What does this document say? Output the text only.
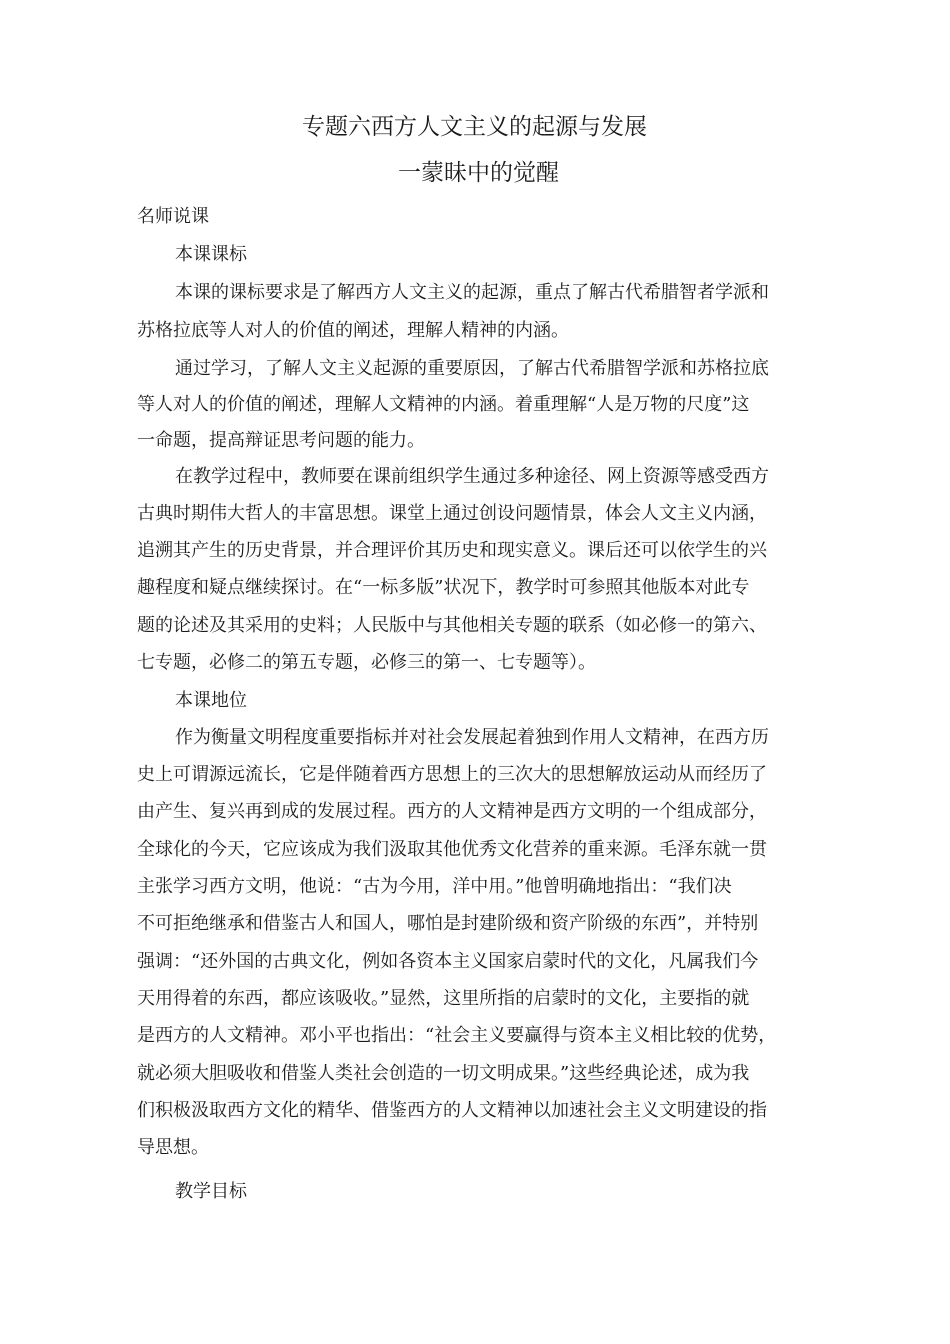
专题六西方人文主义的起源与发展
一蒙昧中的觉醒
名师说课
本课课标
本课的课标要求是了解西方人文主义的起源，重点了解古代希腊智者学派和
苏格拉底等人对人的价值的阐述，理解人精神的内涵。
通过学习，了解人文主义起源的重要原因，了解古代希腊智学派和苏格拉底
等人对人的价值的阐述，理解人文精神的内涵。着重理解“人是万物的尺度”这
一命题，提高辩证思考问题的能力。
在教学过程中，教师要在课前组织学生通过多种途径、网上资源等感受西方
古典时期伟大哲人的丰富思想。课堂上通过创设问题情景，体会人文主义内涵，
追溯其产生的历史背景，并合理评价其历史和现实意义。课后还可以依学生的兴
趣程度和疑点继续探讨。在“一标多版”状况下，教学时可参照其他版本对此专
题的论述及其采用的史料；人民版中与其他相关专题的联系（如必修一的第六、
七专题，必修二的第五专题，必修三的第一、七专题等）。
本课地位
作为衡量文明程度重要指标并对社会发展起着独到作用人文精神，在西方历
史上可谓源远流长，它是伴随着西方思想上的三次大的思想解放运动从而经历了
由产生、复兴再到成的发展过程。西方的人文精神是西方文明的一个组成部分，
全球化的今天，它应该成为我们汲取其他优秀文化营养的重来源。毛泽东就一贯
主张学习西方文明，他说：“古为今用，洋中用。”他曾明确地指出：“我们决
不可拒绝继承和借鉴古人和国人，哪怕是封建阶级和资产阶级的东西”，并特别
强调：“还外国的古典文化，例如各资本主义国家启蒙时代的文化，凡属我们今
天用得着的东西，都应该吸收。”显然，这里所指的启蒙时的文化，主要指的就
是西方的人文精神。邓小平也指出：“社会主义要赢得与资本主义相比较的优势，
就必须大胆吸收和借鉴人类社会创造的一切文明成果。”这些经典论述，成为我
们积极汲取西方文化的精华、借鉴西方的人文精神以加速社会主义文明建设的指
导思想。
教学目标
